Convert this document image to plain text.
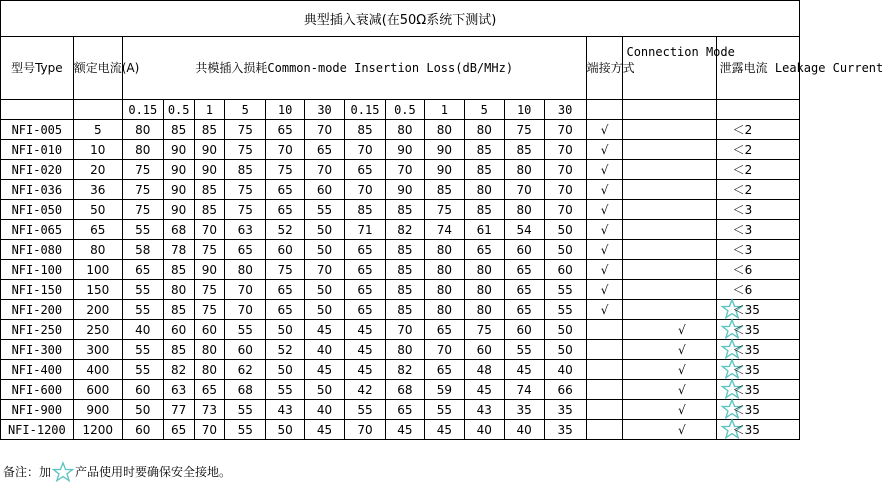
典型插入衰减(在50Ω系统下测试)																
型号Type	额定电流(A)	共模插入损耗Common-mode Insertion Loss(dB/MHz)												端接方式	Connection Mode	泄露电流 Leakage Current
		0.15	0.5	1	5	10	30	0.15	0.5	1	5	10	30			
NFI-005	5	80	85	85	75	65	70	85	80	80	80	75	70	√		＜2
NFI-010	10	80	90	90	75	70	65	70	90	90	85	85	70	√		＜2
NFI-020	20	75	90	90	85	75	70	65	70	90	85	80	70	√		＜2
NFI-036	36	75	90	85	75	65	60	70	90	85	80	70	70	√		＜2
NFI-050	50	75	90	85	75	65	55	85	85	75	85	80	70	√		＜3
NFI-065	65	55	68	70	63	52	50	71	82	74	61	54	50	√		＜3
NFI-080	80	58	78	75	65	60	50	65	85	80	65	60	50	√		＜3
NFI-100	100	65	85	90	80	75	70	65	85	80	80	65	60	√		＜6
NFI-150	150	55	80	75	70	65	50	65	85	80	80	65	55	√		＜6
NFI-200	200	55	85	75	70	65	50	65	85	80	80	65	55	√		＜35
NFI-250	250	40	60	60	55	50	45	45	70	65	75	60	50		√	＜35
NFI-300	300	55	85	80	60	52	40	45	80	70	60	55	50		√	＜35
NFI-400	400	55	82	80	62	50	45	45	82	65	48	45	40		√	＜35
NFI-600	600	60	63	65	68	55	50	42	68	59	45	74	66		√	＜35
NFI-900	900	50	77	73	55	43	40	55	65	55	43	35	35		√	＜35
NFI-1200	1200	60	65	70	55	50	45	70	45	45	40	40	35		√	＜35
备注：加 产品使用时要确保安全接地。
